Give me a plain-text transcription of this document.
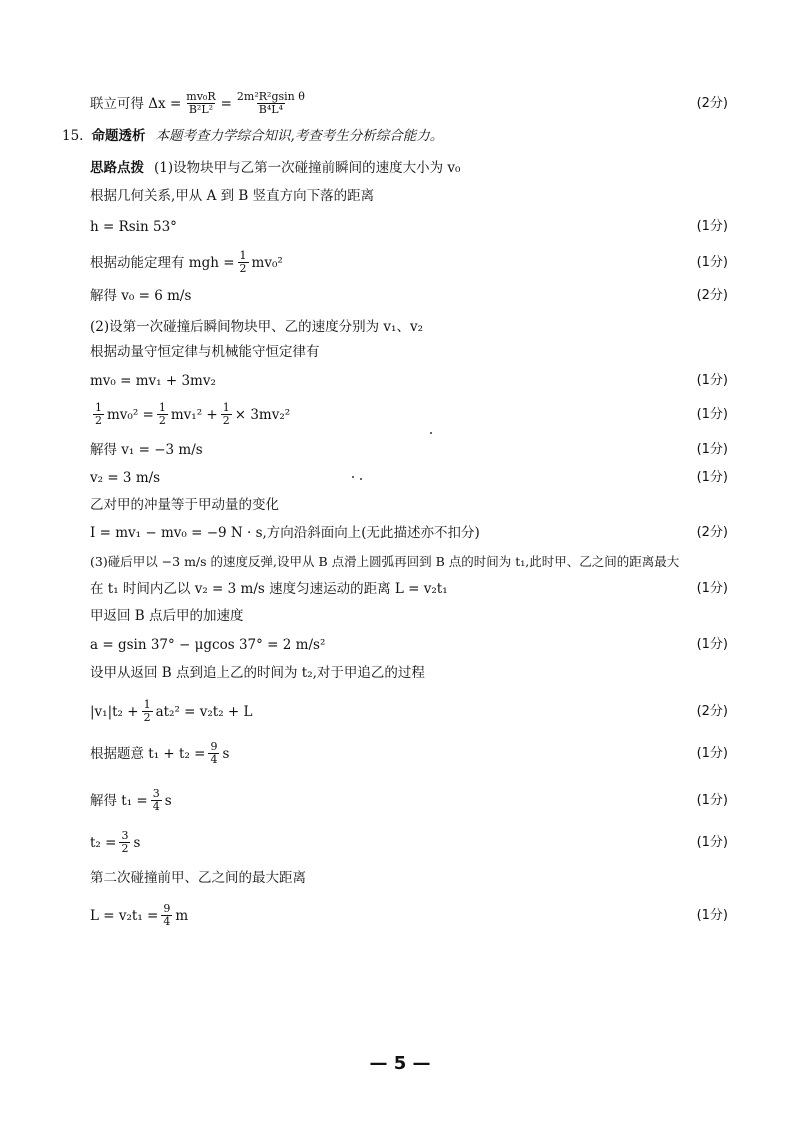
联立可得 $\Delta x = \frac{\text{mv₀R}}{\text{B²L²}} = \frac{\text{2m²R²gsin θ}}{\text{B⁴L⁴}}$	(2分)
15. 命题透析 本题考查力学综合知识,考查考生分析综合能力。
思路点拨 (1)设物块甲与乙第一次碰撞前瞬间的速度大小为 v₀
根据几何关系,甲从 A 到 B 竖直方向下落的距离
h = Rsin 53°	(1分)
根据动能定理有 mgh = $\frac{1}{2} mv_0^2$	(1分)
解得 v₀ = 6 m/s	(2分)
(2)设第一次碰撞后瞬间物块甲、乙的速度分别为 v₁、v₂
根据动量守恒定律与机械能守恒定律有
mv₀ = mv₁ + 3mv₂	(1分)
$\frac{1}{2} mv_0^2 = \frac{1}{2} mv_1^2 + \frac{1}{2} \times 3mv_2^2$	(1分)
解得 v₁ = −3 m/s	(1分)
v₂ = 3 m/s	(1分)
乙对甲的冲量等于甲动量的变化
I = mv₁ − mv₀ = −9 N · s,方向沿斜面向上(无此描述亦不扣分)	(2分)
(3)碰后甲以 −3 m/s 的速度反弹,设甲从 B 点滑上圆弧再回到 B 点的时间为 t₁,此时甲、乙之间的距离最大
在 t₁ 时间内乙以 v₂ = 3 m/s 速度匀速运动的距离 L = v₂t₁	(1分)
甲返回 B 点后甲的加速度
a = gsin 37° − μgcos 37° = 2 m/s²	(1分)
设甲从返回 B 点到追上乙的时间为 t₂,对于甲追乙的过程
$|v_1|t_2 + \frac{1}{2} at_2^2 = v_2t_2 + L$	(2分)
根据题意 $t_1 + t_2 = \frac{9}{4}$ s	(1分)
解得 $t_1 = \frac{3}{4}$ s	(1分)
$t_2 = \frac{3}{2}$ s	(1分)
第二次碰撞前甲、乙之间的最大距离
$L = v_2t_1 = \frac{9}{4}$ m	(1分)
— 5 —
